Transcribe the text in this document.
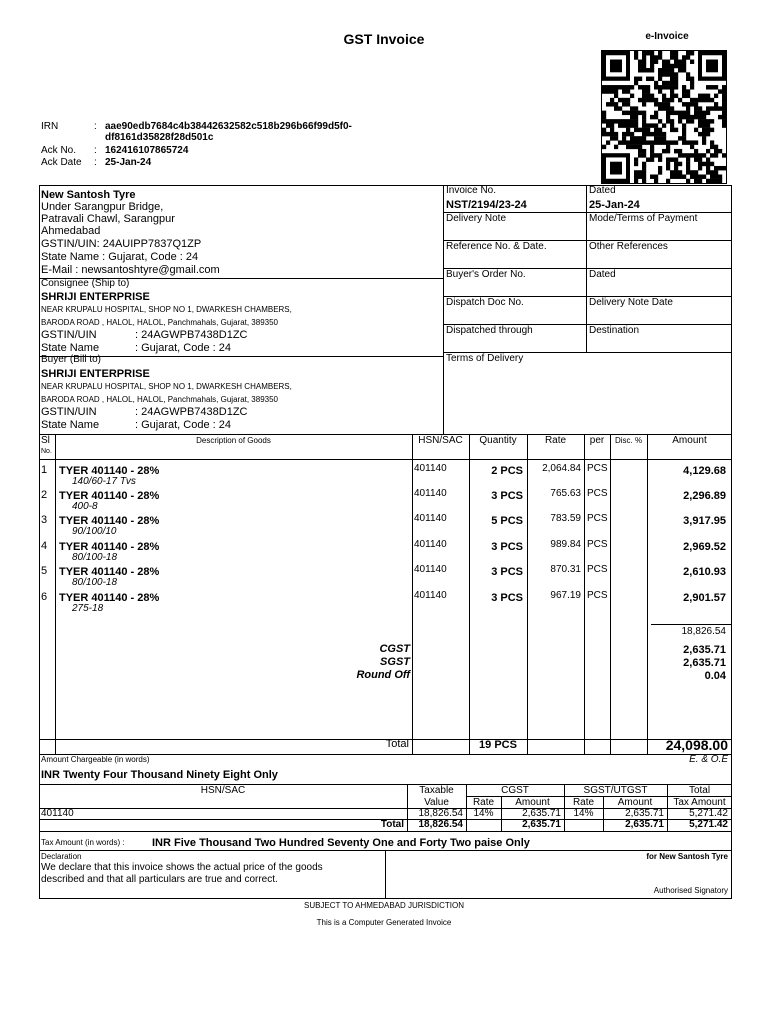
GST Invoice	e-Invoice
IRN	: aae90edb7684c4b38442632582c518b296b66f99d5f0-
df8161d35828f28d501c
Ack No. : 162416107865724
Ack Date : 25-Jan-24
New Santosh Tyre
Under Sarangpur Bridge,
Patravali Chawl, Sarangpur
Ahmedabad
GSTIN/UIN: 24AUIPP7837Q1ZP
State Name : Gujarat, Code : 24
E-Mail : newsantoshtyre@gmail.com
Consignee (Ship to)
SHRIJI ENTERPRISE
NEAR KRUPALU HOSPITAL, SHOP NO 1, DWARKESH CHAMBERS,
BARODA ROAD , HALOL, HALOL, Panchmahals, Gujarat, 389350
GSTIN/UIN	: 24AGWPB7438D1ZC
State Name	: Gujarat, Code : 24
Buyer (Bill to)
SHRIJI ENTERPRISE
NEAR KRUPALU HOSPITAL, SHOP NO 1, DWARKESH CHAMBERS,
BARODA ROAD , HALOL, HALOL, Panchmahals, Gujarat, 389350
GSTIN/UIN	: 24AGWPB7438D1ZC
State Name	: Gujarat, Code : 24
Invoice No.
NST/2194/23-24
Dated
25-Jan-24
Delivery Note	Mode/Terms of Payment
Reference No. & Date.	Other References
Buyer's Order No.	Dated
Dispatch Doc No.	Delivery Note Date
Dispatched through	Destination
Terms of Delivery
Sl
No.
Description of Goods	HSN/SAC	Quantity	Rate	per	Disc. %	Amount
1 TYER 401140 - 28%
140/60-17 Tvs
401140	2 PCS	2,064.84 PCS	4,129.68
2 TYER 401140 - 28%
400-8
401140	3 PCS	765.63 PCS	2,296.89
3 TYER 401140 - 28%
90/100/10
401140	5 PCS	783.59 PCS	3,917.95
4 TYER 401140 - 28%
80/100-18
401140	3 PCS	989.84 PCS	2,969.52
5 TYER 401140 - 28%
80/100-18
401140	3 PCS	870.31 PCS	2,610.93
6 TYER 401140 - 28%
275-18
401140	3 PCS	967.19 PCS	2,901.57
18,826.54
CGST	2,635.71
SGST	2,635.71
Round Off	0.04
Total	19 PCS	24,098.00
Amount Chargeable (in words)	E. & O.E
INR Twenty Four Thousand Ninety Eight Only
HSN/SAC	Taxable
Value
CGST	SGST/UTGST	Total
Tax Amount
Rate	Amount	Rate	Amount
401140	18,826.54	14%	2,635.71	14%	2,635.71	5,271.42
Total	18,826.54	2,635.71	2,635.71	5,271.42
Tax Amount (in words) : INR Five Thousand Two Hundred Seventy One and Forty Two paise Only
Declaration
We declare that this invoice shows the actual price of the goods
described and that all particulars are true and correct.
for New Santosh Tyre
Authorised Signatory
SUBJECT TO AHMEDABAD JURISDICTION
This is a Computer Generated Invoice
